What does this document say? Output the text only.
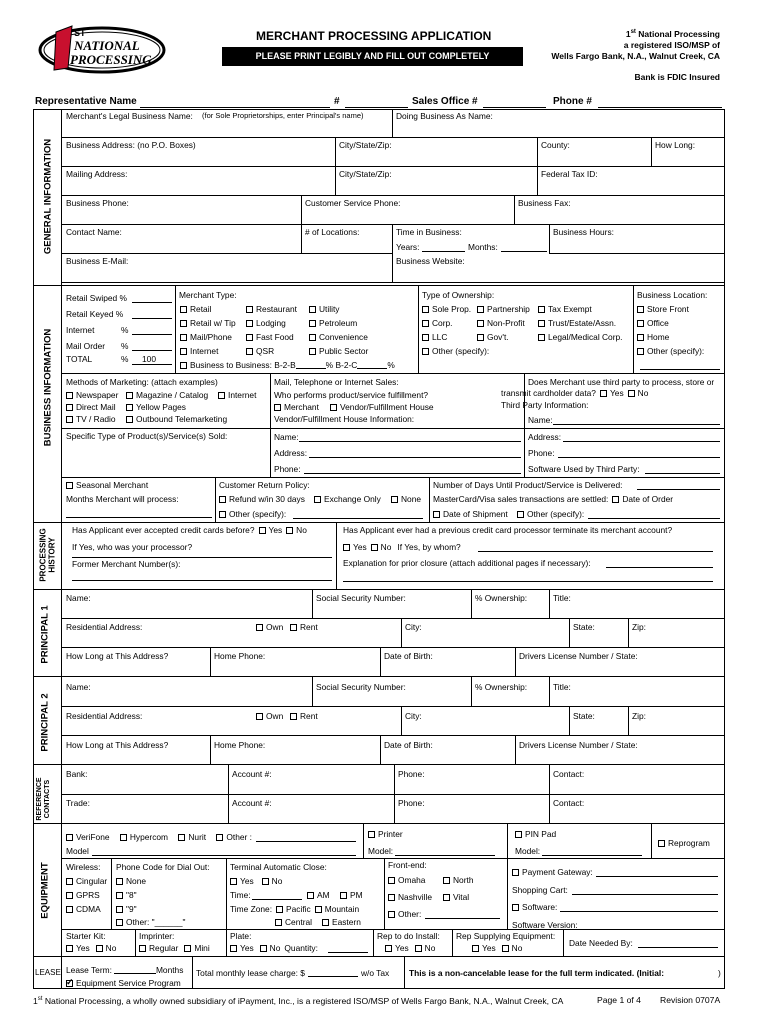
NATIONAL
PROCESSING
ST	MERCHANT PROCESSING APPLICATION
PLEASE PRINT LEGIBLY AND FILL OUT COMPLETELY
1st National Processing
a registered ISO/MSP of
Wells Fargo Bank, N.A., Walnut Creek, CA
Bank is FDIC Insured
Representative Name	#	Sales Office #	Phone #
GENERAL INFORMATION
BUSINESS INFORMATION
PROCESSING HISTORY
PRINCIPAL 1
PRINCIPAL 2
REFERENCE CONTACTS
EQUIPMENT
LEASE
Merchant's Legal Business Name: (for Sole Proprietorships, enter Principal's name)	Doing Business As Name:
Business Address: (no P.O. Boxes)	City/State/Zip:	County:	How Long:
Mailing Address:	City/State/Zip:	Federal Tax ID:
Business Phone:	Customer Service Phone:	Business Fax:
Contact Name:	# of Locations:	Time in Business:
Years:	Months:
Business Hours:
Business E-Mail:	Business Website:
Retail Swiped %
Retail Keyed %
Internet	%
Mail Order %
TOTAL	% 100
Merchant Type:
Retail	Restaurant	Utility
Retail w/ Tip	Lodging	Petroleum
Mail/Phone	Fast Food	Convenience
Internet	QSR	Public Sector
Business to Business: B-2-B	% B-2-C	%
Type of Ownership:
Sole Prop.	Partnership	Tax Exempt
Corp.	Non-Profit	Trust/Estate/Assn.
LLC	Gov't.	Legal/Medical Corp.
Other (specify):
Business Location:
Store Front
Office
Home
Other (specify):
Methods of Marketing: (attach examples)
Newspaper	Magazine / Catalog	Internet
Direct Mail	Yellow Pages
TV / Radio	Outbound Telemarketing
Specific Type of Product(s)/Service(s) Sold:
Mail, Telephone or Internet Sales:
Who performs product/service fulfillment?
Merchant	Vendor/Fulfillment House
Vendor/Fulfillment House Information:
Name:
Address:
Phone:
Does Merchant use third party to process, store or
transmit cardholder data? Yes No
Third Party Information:
Name:
Address:
Phone:
Software Used by Third Party:
Seasonal Merchant
Months Merchant will process:
Customer Return Policy:
Refund w/in 30 days	Exchange Only	None
Other (specify):
Number of Days Until Product/Service is Delivered:
MasterCard/Visa sales transactions are settled: Date of Order
Date of Shipment	Other (specify):
Has Applicant ever accepted credit cards before? Yes No
If Yes, who was your processor?
Former Merchant Number(s):
Has Applicant ever had a previous credit card processor terminate its merchant account?
Yes No If Yes, by whom?
Explanation for prior closure (attach additional pages if necessary):
Name:	Social Security Number:	% Ownership:	Title:
Residential Address:	Own	Rent	City:	State:	Zip:
How Long at This Address?	Home Phone:	Date of Birth:	Drivers License Number / State:
Name:	Social Security Number:	% Ownership:	Title:
Residential Address:	Own	Rent	City:	State:	Zip:
How Long at This Address?	Home Phone:	Date of Birth:	Drivers License Number / State:
Bank:	Account #:	Phone:	Contact:
Trade:	Account #:	Phone:	Contact:
VeriFone Hypercom Nurit Other :
Model
Printer
Model:
PIN Pad
Model:
Reprogram
Wireless:
Cingular
GPRS
CDMA
Phone Code for Dial Out:
None
"8"
"9"
Other: "______"
Terminal Automatic Close:
Yes No
Time:	AM	PM
Time Zone: Pacific Mountain
Central	Eastern
Front-end:
Omaha	North
Nashville	Vital
Other:
Payment Gateway:
Shopping Cart:
Software:
Software Version:
Starter Kit:
Yes No
Imprinter:
Regular Mini
Plate:
Yes No Quantity:
Rep to do Install:
Yes No
Rep Supplying Equipment:
Yes No	Date Needed By:
Lease Term:	Months
✓Equipment Service Program
Total monthly lease charge: $	w/o Tax This is a non-cancelable lease for the full term indicated. (Initial:	)
1st National Processing, a wholly owned subsidiary of iPayment, Inc., is a registered ISO/MSP of Wells Fargo Bank, N.A., Walnut Creek, CA	Page 1 of 4 Revision 0707A
